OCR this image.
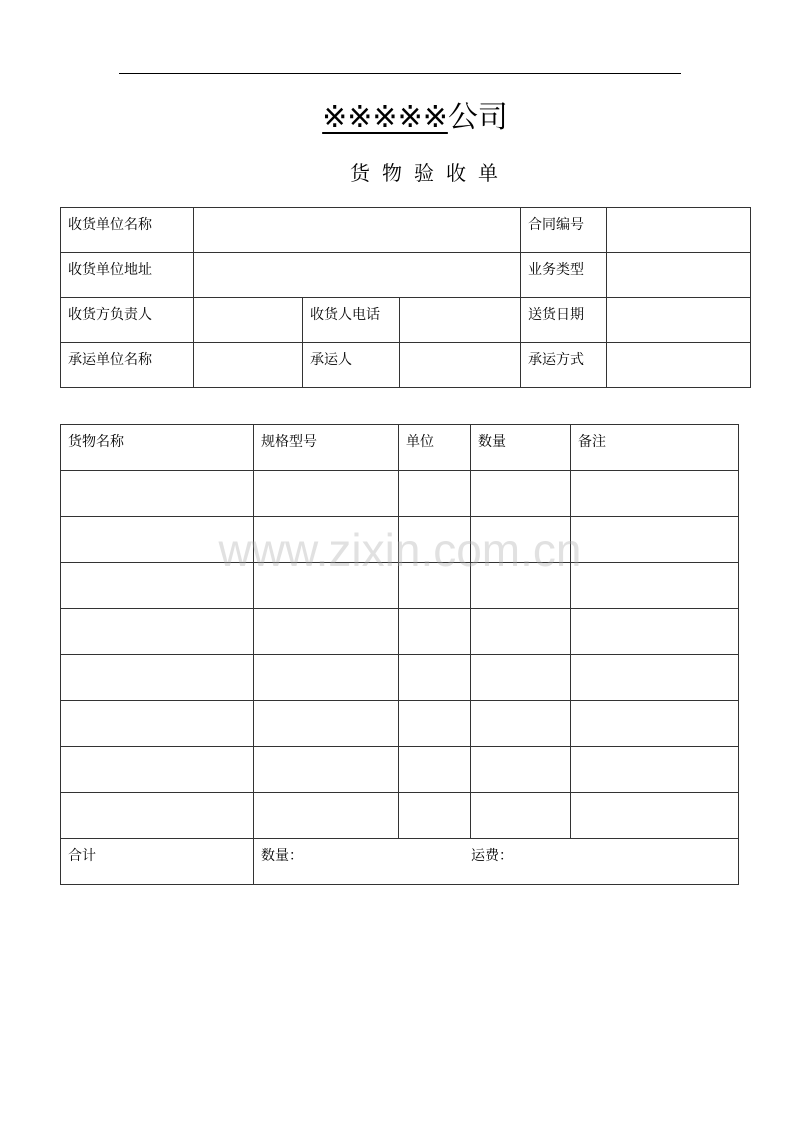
※※※※※公司
货物验收单
收货单位名称				合同编号	
收货单位地址				业务类型	
收货方负责人		收货人电话		送货日期	
承运单位名称		承运人		承运方式	
货物名称	规格型号	单位	数量	备注

合计	数量： 运费：			
www.zixin.com.cn
